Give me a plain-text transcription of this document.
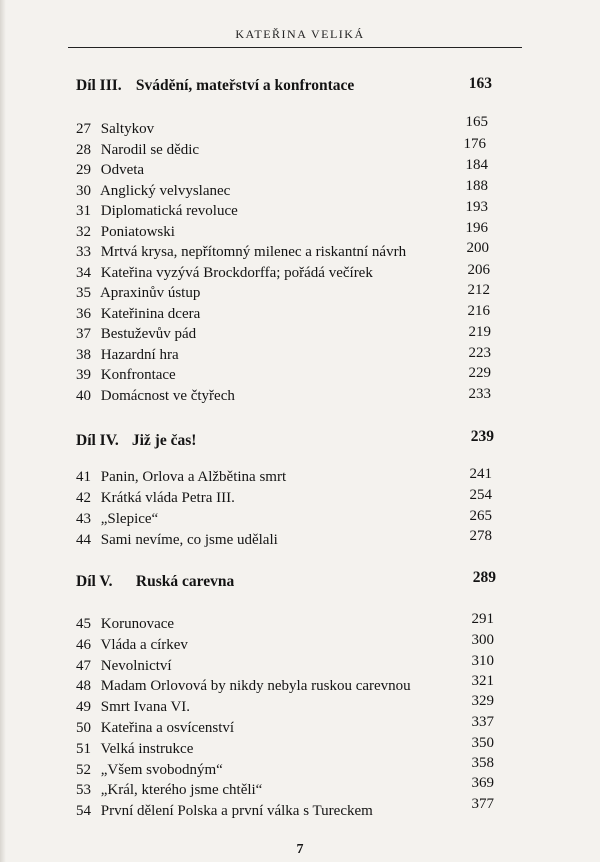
KATEŘINA VELIKÁ
Díl III. Svádění, mateřství a konfrontace	163
27 Saltykov	165
28 Narodil se dědic	176
29 Odveta	184
30 Anglický velvyslanec	188
31 Diplomatická revoluce	193
32 Poniatowski	196
33 Mrtvá krysa, nepřítomný milenec a riskantní návrh	200
34 Kateřina vyzývá Brockdorffa; pořádá večírek	206
35 Apraxinův ústup	212
36 Kateřinina dcera	216
37 Bestuževův pád	219
38 Hazardní hra	223
39 Konfrontace	229
40 Domácnost ve čtyřech	233
Díl IV. Již je čas!	239
41 Panin, Orlova a Alžbětina smrt	241
42 Krátká vláda Petra III.	254
43 „Slepice“	265
44 Sami nevíme, co jsme udělali	278
Díl V. Ruská carevna	289
45 Korunovace	291
46 Vláda a církev	300
47 Nevolnictví	310
48 Madam Orlovová by nikdy nebyla ruskou carevnou	321
49 Smrt Ivana VI.	329
50 Kateřina a osvícenství	337
51 Velká instrukce	350
52 „Všem svobodným“	358
53 „Král, kterého jsme chtěli“	369
54 První dělení Polska a první válka s Tureckem	377
7
